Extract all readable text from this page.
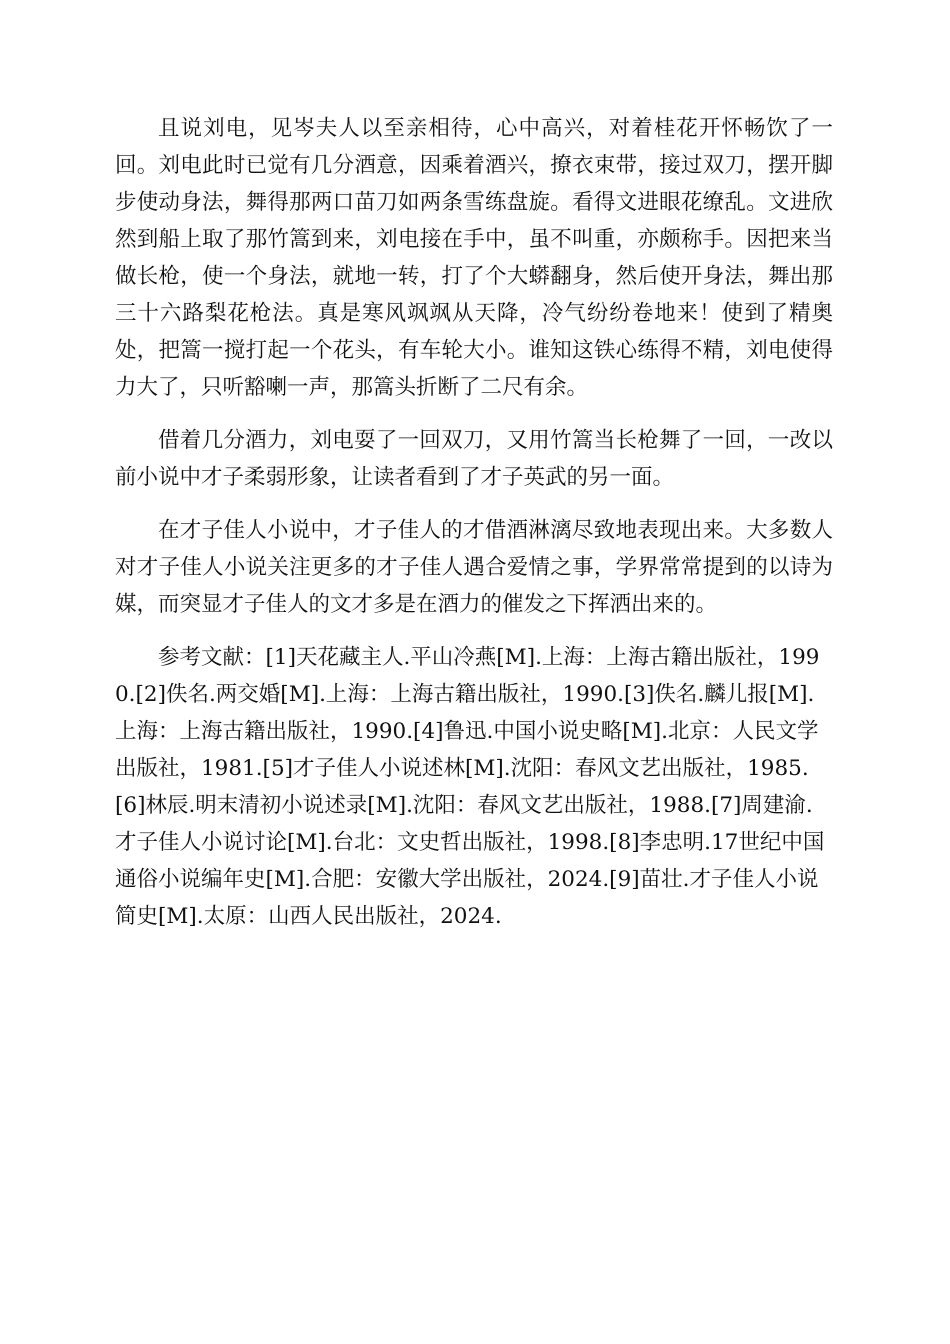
且说刘电，见岑夫人以至亲相待，心中高兴，对着桂花开怀畅饮了一回。刘电此时已觉有几分酒意，因乘着酒兴，撩衣束带，接过双刀，摆开脚步使动身法，舞得那两口苗刀如两条雪练盘旋。看得文进眼花缭乱。文进欣然到船上取了那竹篙到来，刘电接在手中，虽不叫重，亦颇称手。因把来当做长枪，使一个身法，就地一转，打了个大蟒翻身，然后使开身法，舞出那三十六路梨花枪法。真是寒风飒飒从天降，冷气纷纷卷地来！使到了精奥处，把篙一搅打起一个花头，有车轮大小。谁知这铁心练得不精，刘电使得力大了，只听豁喇一声，那篙头折断了二尺有余。

借着几分酒力，刘电耍了一回双刀，又用竹篙当长枪舞了一回，一改以前小说中才子柔弱形象，让读者看到了才子英武的另一面。

在才子佳人小说中，才子佳人的才借酒淋漓尽致地表现出来。大多数人对才子佳人小说关注更多的才子佳人遇合爱情之事，学界常常提到的以诗为媒，而突显才子佳人的文才多是在酒力的催发之下挥洒出来的。

参考文献：[1]天花藏主人.平山冷燕[M].上海：上海古籍出版社，1990.[2]佚名.两交婚[M].上海：上海古籍出版社，1990.[3]佚名.麟儿报[M].上海：上海古籍出版社，1990.[4]鲁迅.中国小说史略[M].北京：人民文学出版社，1981.[5]才子佳人小说述林[M].沈阳：春风文艺出版社，1985.[6]林辰.明末清初小说述录[M].沈阳：春风文艺出版社，1988.[7]周建渝.才子佳人小说讨论[M].台北：文史哲出版社，1998.[8]李忠明.17世纪中国通俗小说编年史[M].合肥：安徽大学出版社，2024.[9]苗壮.才子佳人小说简史[M].太原：山西人民出版社，2024.
